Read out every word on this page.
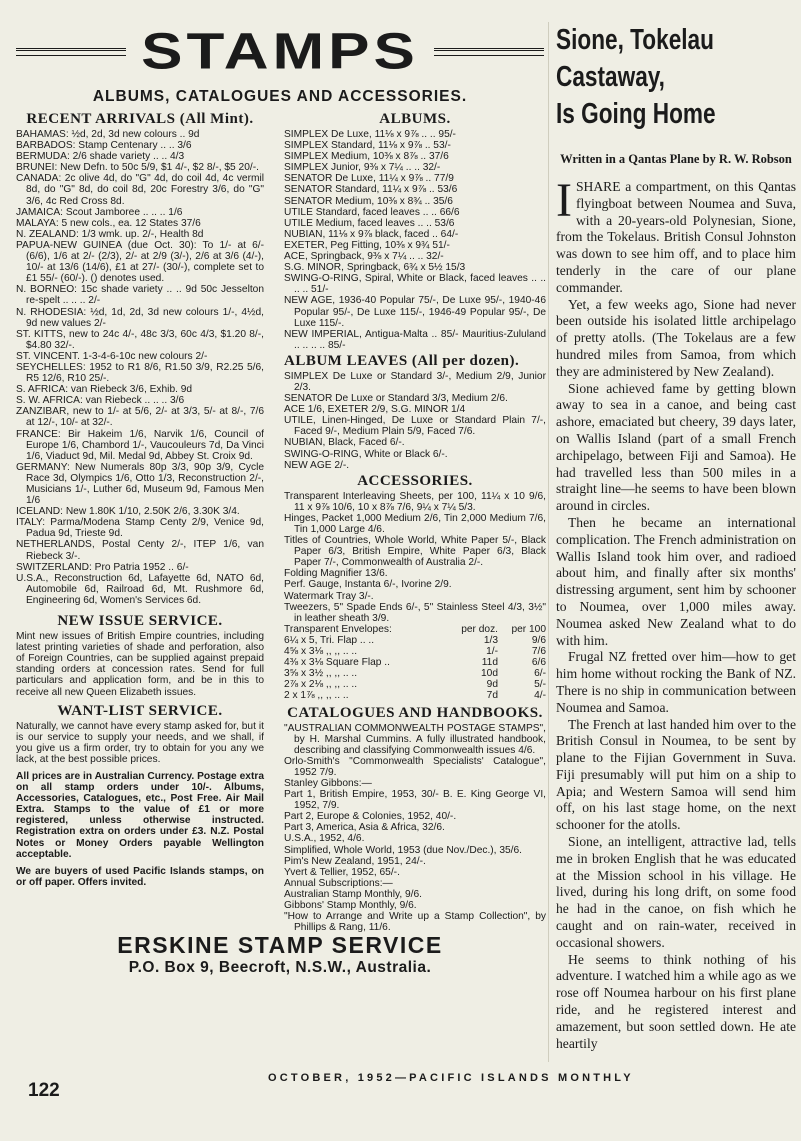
STAMPS
ALBUMS, CATALOGUES AND ACCESSORIES.
RECENT ARRIVALS (All Mint).

BAHAMAS: ½d, 2d, 3d new colours .. 9d

BARBADOS: Stamp Centenary .. .. 3/6

BERMUDA: 2/6 shade variety .. .. 4/3

BRUNEI: New Defn. to 50c 5/9, $1 4/-, $2 8/-, $5 20/-.

CANADA: 2c olive 4d, do "G" 4d, do coil 4d, 4c vermil 8d, do "G" 8d, do coil 8d, 20c Forestry 3/6, do "G" 3/6, 4c Red Cross 8d.

JAMAICA: Scout Jamboree .. .. .. 1/6

MALAYA: 5 new cols., ea. 12 States 37/6

N. ZEALAND: 1/3 wmk. up. 2/-, Health 8d

PAPUA-NEW GUINEA (due Oct. 30): To 1/- at 6/- (6/6), 1/6 at 2/- (2/3), 2/- at 2/9 (3/-), 2/6 at 3/6 (4/-), 10/- at 13/6 (14/6), £1 at 27/- (30/-), complete set to £1 55/- (60/-). () denotes used.

N. BORNEO: 15c shade variety .. .. 9d 50c Jesselton re-spelt .. .. .. 2/-

N. RHODESIA: ½d, 1d, 2d, 3d new colours 1/-, 4½d, 9d new values 2/-

ST. KITTS, new to 24c 4/-, 48c 3/3, 60c 4/3, $1.20 8/-, $4.80 32/-.

ST. VINCENT. 1-3-4-6-10c new colours 2/-

SEYCHELLES: 1952 to R1 8/6, R1.50 3/9, R2.25 5/6, R5 12/6, R10 25/-.

S. AFRICA: van Riebeck 3/6, Exhib. 9d

S. W. AFRICA: van Riebeck .. .. .. 3/6

ZANZIBAR, new to 1/- at 5/6, 2/- at 3/3, 5/- at 8/-, 7/6 at 12/-, 10/- at 32/-.

FRANCE: Bir Hakeim 1/6, Narvik 1/6, Council of Europe 1/6, Chambord 1/-, Vaucouleurs 7d, Da Vinci 1/6, Viaduct 9d, Mil. Medal 9d, Abbey St. Croix 9d.

GERMANY: New Numerals 80p 3/3, 90p 3/9, Cycle Race 3d, Olympics 1/6, Otto 1/3, Reconstruction 2/-, Musicians 1/-, Luther 6d, Museum 9d, Famous Men 1/6

ICELAND: New 1.80K 1/10, 2.50K 2/6, 3.30K 3/4.

ITALY: Parma/Modena Stamp Centy 2/9, Venice 9d, Padua 9d, Trieste 9d.

NETHERLANDS, Postal Centy 2/-, ITEP 1/6, van Riebeck 3/-.

SWITZERLAND: Pro Patria 1952 .. 6/-

U.S.A., Reconstruction 6d, Lafayette 6d, NATO 6d, Automobile 6d, Railroad 6d, Mt. Rushmore 6d, Engineering 6d, Women's Services 6d.

NEW ISSUE SERVICE.

Mint new issues of British Empire countries, including latest printing varieties of shade and perforation, also of Foreign Countries, can be supplied against prepaid standing orders at concession rates. Send for full particulars and application form, and be in this to receive all new Queen Elizabeth issues.

WANT-LIST SERVICE.

Naturally, we cannot have every stamp asked for, but it is our service to supply your needs, and we shall, if you give us a firm order, try to obtain for you any we lack, at the best possible prices.

All prices are in Australian Currency. Postage extra on all stamp orders under 10/-. Albums, Accessories, Catalogues, etc., Post Free. Air Mail Extra. Stamps to the value of £1 or more registered, unless otherwise instructed. Registration extra on orders under £3. N.Z. Postal Notes or Money Orders payable Wellington acceptable.

We are buyers of used Pacific Islands stamps, on or off paper. Offers invited.

ALBUMS.

SIMPLEX De Luxe, 11⅛ x 9⅞ .. .. 95/-

SIMPLEX Standard, 11⅛ x 9⅞ .. 53/-

SIMPLEX Medium, 10⅜ x 8⅞ .. 37/6

SIMPLEX Junior, 9⅜ x 7¼ .. .. 32/-

SENATOR De Luxe, 11¼ x 9⅞ .. 77/9

SENATOR Standard, 11¼ x 9⅞ .. 53/6

SENATOR Medium, 10⅜ x 8¾ .. 35/6

UTILE Standard, faced leaves .. .. 66/6

UTILE Medium, faced leaves .. .. 53/6

NUBIAN, 11⅛ x 9⅞ black, faced .. 64/-

EXETER, Peg Fitting, 10⅜ x 9¾ 51/-

ACE, Springback, 9⅜ x 7¼ .. .. 32/-

S.G. MINOR, Springback, 6¾ x 5½ 15/3

SWING-O-RING, Spiral, White or Black, faced leaves .. .. .. .. 51/-

NEW AGE, 1936-40 Popular 75/-, De Luxe 95/-, 1940-46 Popular 95/-, De Luxe 115/-, 1946-49 Popular 95/-, De Luxe 115/-.

NEW IMPERIAL, Antigua-Malta .. 85/- Mauritius-Zululand .. .. .. .. 85/-

ALBUM LEAVES (All per dozen).

SIMPLEX De Luxe or Standard 3/-, Medium 2/9, Junior 2/3.

SENATOR De Luxe or Standard 3/3, Medium 2/6.

ACE 1/6, EXETER 2/9, S.G. MINOR 1/4

UTILE, Linen-Hinged, De Luxe or Standard Plain 7/-, Faced 9/-, Medium Plain 5/9, Faced 7/6.

NUBIAN, Black, Faced 6/-.

SWING-O-RING, White or Black 6/-.

NEW AGE 2/-.

ACCESSORIES.

Transparent Interleaving Sheets, per 100, 11¼ x 10 9/6, 11 x 9⅞ 10/6, 10 x 8⅞ 7/6, 9¼ x 7¼ 5/3.

Hinges, Packet 1,000 Medium 2/6, Tin 2,000 Medium 7/6, Tin 1,000 Large 4/6.

Titles of Countries, Whole World, White Paper 5/-, Black Paper 6/3, British Empire, White Paper 6/3, Black Paper 7/-, Commonwealth of Australia 2/-.

Folding Magnifier 13/6.

Perf. Gauge, Instanta 6/-, Ivorine 2/9.

Watermark Tray 3/-.

Tweezers, 5" Spade Ends 6/-, 5" Stainless Steel 4/3, 3½" in leather sheath 3/9.

Transparent Envelopes:	per doz.	per 100
6¼ x 5, Tri. Flap .. ..	1/3	9/6
4⅝ x 3⅛ ,, ,, .. ..	1/-	7/6
4⅜ x 3⅛ Square Flap ..	11d	6/6
3⅝ x 3½ ,, ,, .. ..	10d	6/-
2⅞ x 2⅛ ,, ,, .. ..	9d	5/-
2 x 1⅞ ,, ,, .. ..	7d	4/-
CATALOGUES AND HANDBOOKS.

"AUSTRALIAN COMMONWEALTH POSTAGE STAMPS", by H. Marshal Cummins. A fully illustrated handbook, describing and classifying Commonwealth issues 4/6.

Orlo-Smith's "Commonwealth Specialists' Catalogue", 1952 7/9.

Stanley Gibbons:—

Part 1, British Empire, 1953, 30/- B. E. King George VI, 1952, 7/9.

Part 2, Europe & Colonies, 1952, 40/-.

Part 3, America, Asia & Africa, 32/6.

U.S.A., 1952, 4/6.

Simplified, Whole World, 1953 (due Nov./Dec.), 35/6.

Pim's New Zealand, 1951, 24/-.

Yvert & Tellier, 1952, 65/-.

Annual Subscriptions:—

Australian Stamp Monthly, 9/6.

Gibbons' Stamp Monthly, 9/6.

"How to Arrange and Write up a Stamp Collection", by Phillips & Rang, 11/6.

ERSKINE STAMP SERVICE
P.O. Box 9, Beecroft, N.S.W., Australia.
Sione, Tokelau
Castaway,
Is Going Home
Written in a Qantas Plane by R. W. Robson

ISHARE a compartment, on this Qantas flyingboat between Noumea and Suva, with a 20-years-old Polynesian, Sione, from the Tokelaus. British Consul Johnston was down to see him off, and to place him tenderly in the care of our plane commander.

Yet, a few weeks ago, Sione had never been outside his isolated little archipelago of pretty atolls. (The Tokelaus are a few hundred miles from Samoa, from which they are administered by New Zealand).

Sione achieved fame by getting blown away to sea in a canoe, and being cast ashore, emaciated but cheery, 39 days later, on Wallis Island (part of a small French archipelago, between Fiji and Samoa). He had travelled less than 500 miles in a straight line—he seems to have been blown around in circles.

Then he became an international complication. The French administration on Wallis Island took him over, and radioed about him, and finally after six months' distressing argument, sent him by schooner to Noumea, over 1,000 miles away. Noumea asked New Zealand what to do with him.

Frugal NZ fretted over him—how to get him home without rocking the Bank of NZ. There is no ship in communication between Noumea and Samoa.

The French at last handed him over to the British Consul in Noumea, to be sent by plane to the Fijian Government in Suva. Fiji presumably will put him on a ship to Apia; and Western Samoa will send him off, on his last stage home, on the next schooner for the atolls.

Sione, an intelligent, attractive lad, tells me in broken English that he was educated at the Mission school in his village. He lived, during his long drift, on some food he had in the canoe, on fish which he caught and on rain-water, received in occasional showers.

He seems to think nothing of his adventure. I watched him a while ago as we rose off Noumea harbour on his first plane ride, and he registered interest and amazement, but soon settled down. He ate heartily

122
OCTOBER, 1952—PACIFIC ISLANDS MONTHLY
